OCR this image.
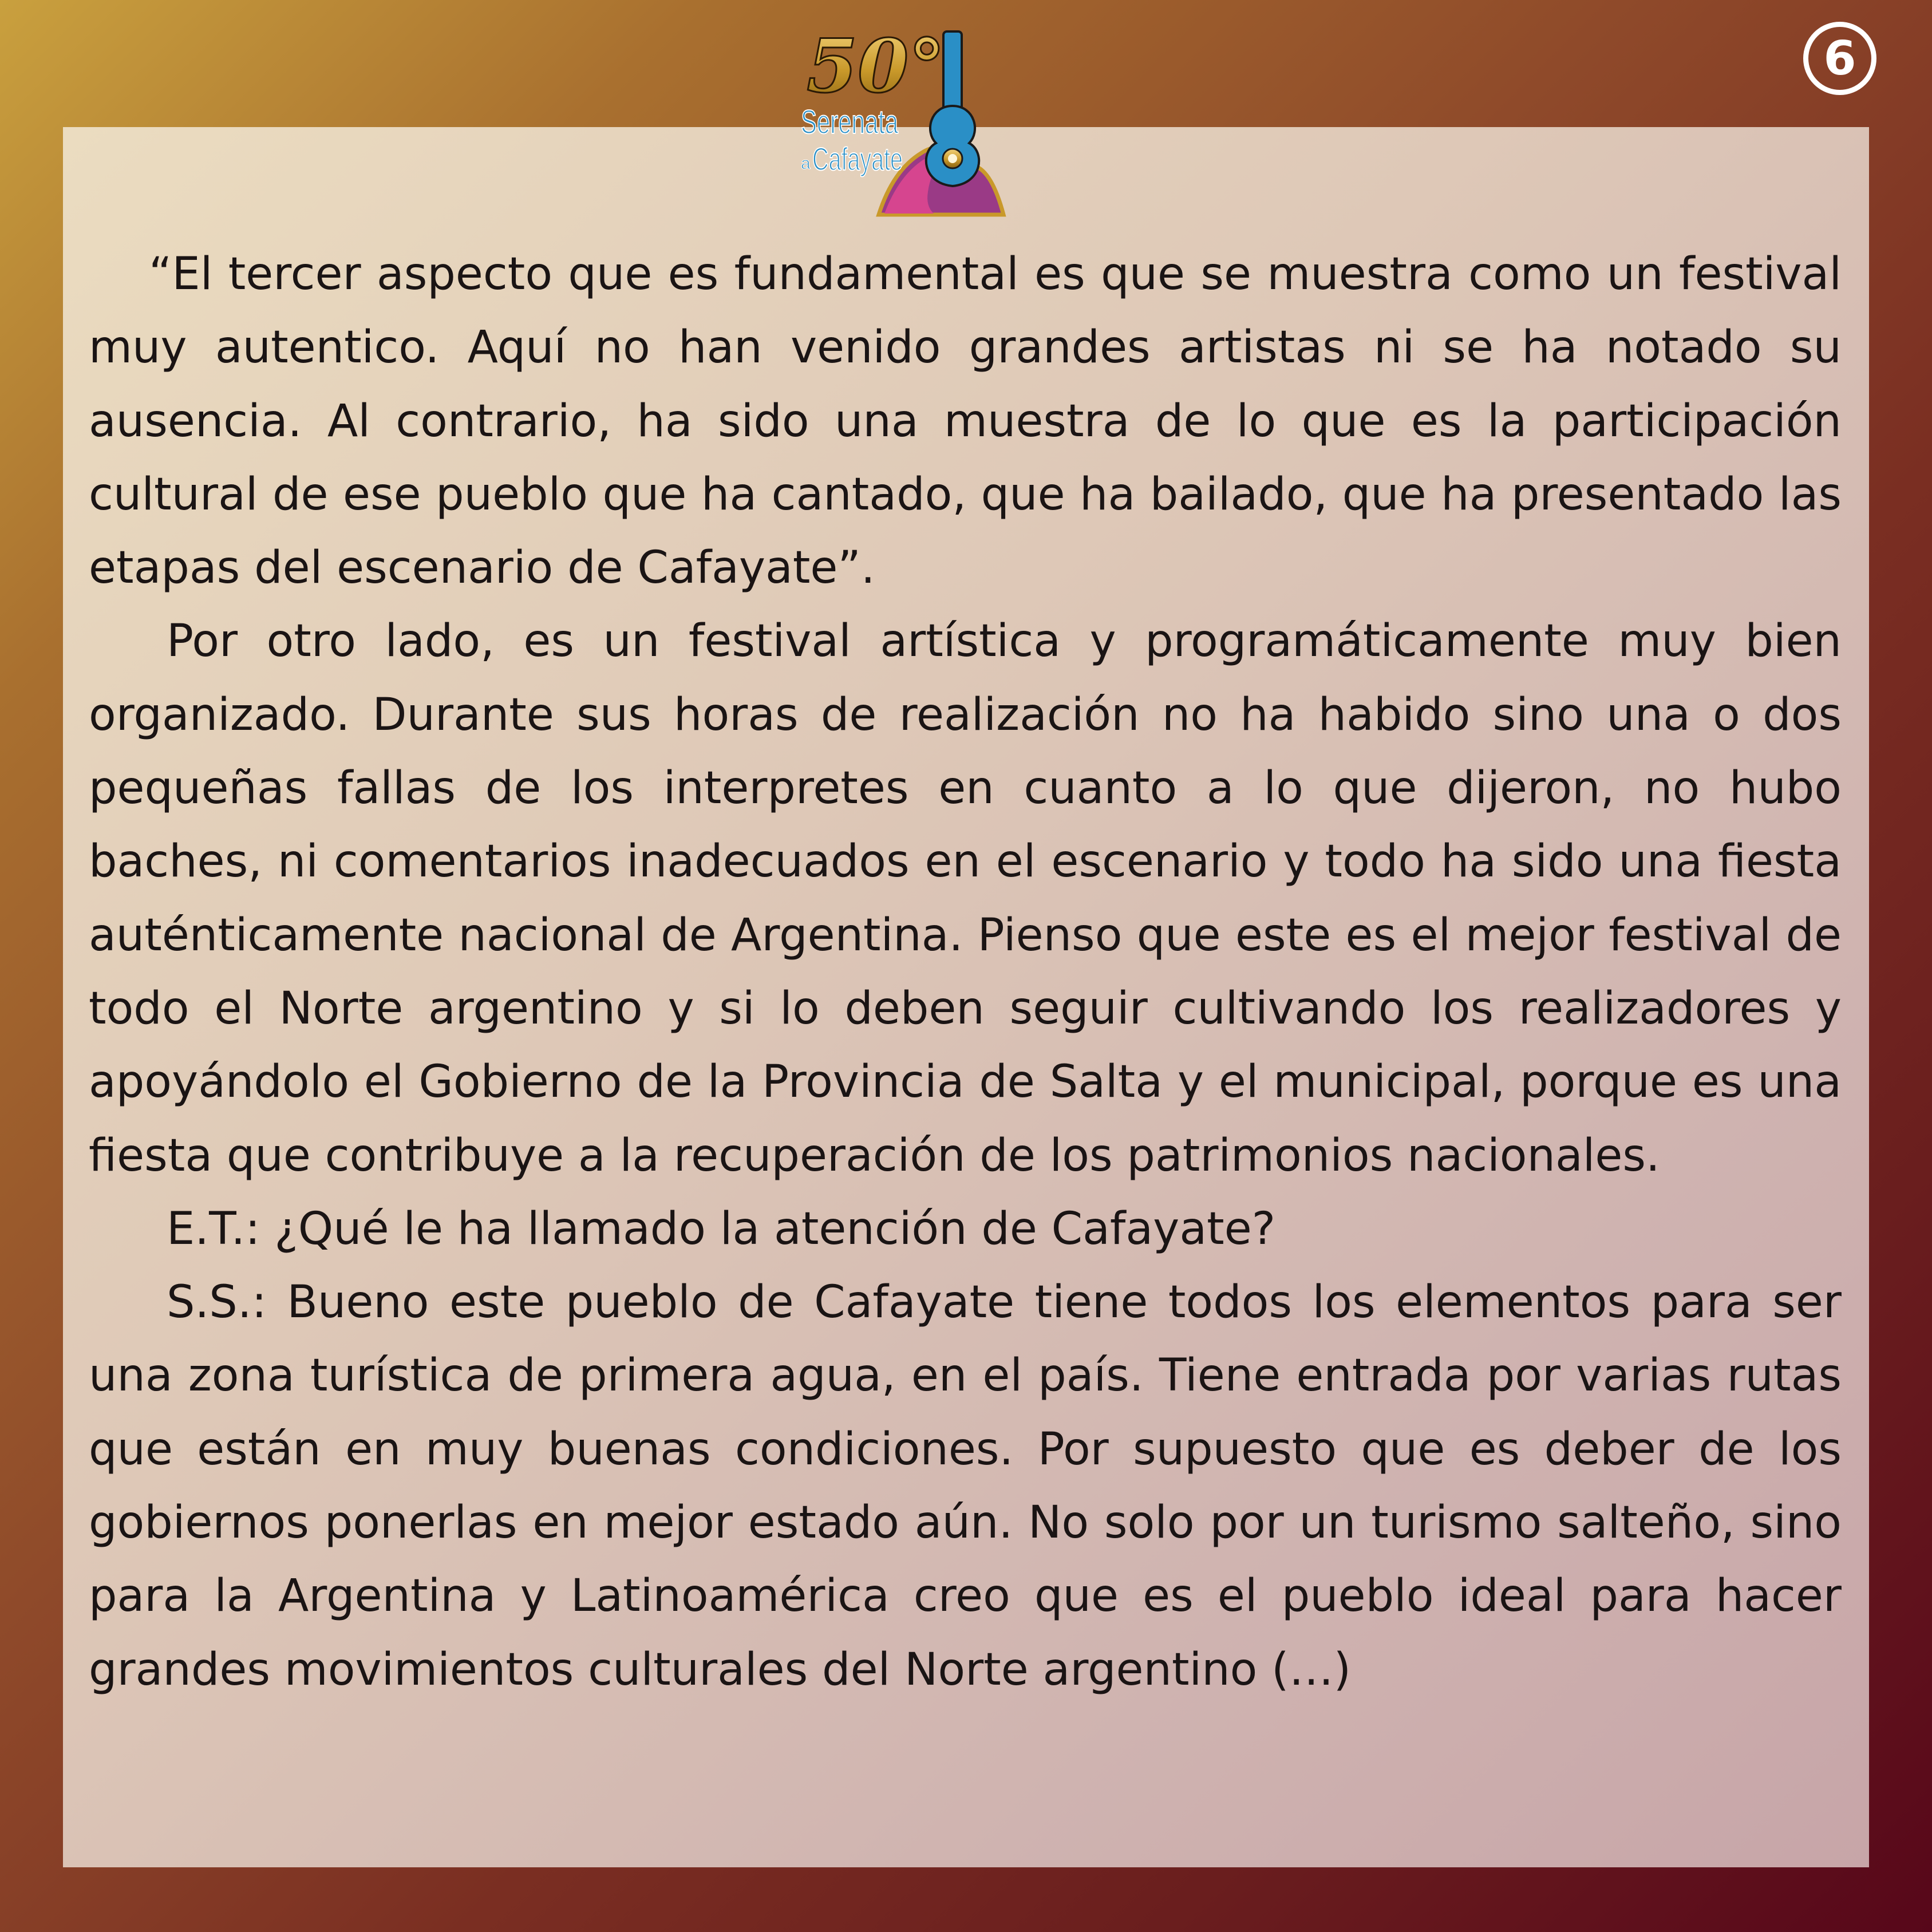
50°
Serenata
a Cafayate
6

“El tercer aspecto que es fundamental es que se muestra como un festival muy autentico. Aquí no han venido grandes artistas ni se ha notado su ausencia. Al contrario, ha sido una muestra de lo que es la participación cultural de ese pueblo que ha cantado, que ha bailado, que ha presentado las etapas del escenario de Cafayate”.

Por otro lado, es un festival artística y programáticamente muy bien organizado. Durante sus horas de realización no ha habido sino una o dos pequeñas fallas de los interpretes en cuanto a lo que dijeron, no hubo baches, ni comentarios inadecuados en el escenario y todo ha sido una fiesta auténticamente nacional de Argentina. Pienso que este es el mejor festival de todo el Norte argentino y si lo deben seguir cultivando los realizadores y apoyándolo el Gobierno de la Provincia de Salta y el municipal, porque es una fiesta que contribuye a la recuperación de los patrimonios nacionales.

E.T.: ¿Qué le ha llamado la atención de Cafayate?

S.S.: Bueno este pueblo de Cafayate tiene todos los elementos para ser una zona turística de primera agua, en el país. Tiene entrada por varias rutas que están en muy buenas condiciones. Por supuesto que es deber de los gobiernos ponerlas en mejor estado aún. No solo por un turismo salteño, sino para la Argentina y Latinoamérica creo que es el pueblo ideal para hacer grandes movimientos culturales del Norte argentino (…)
